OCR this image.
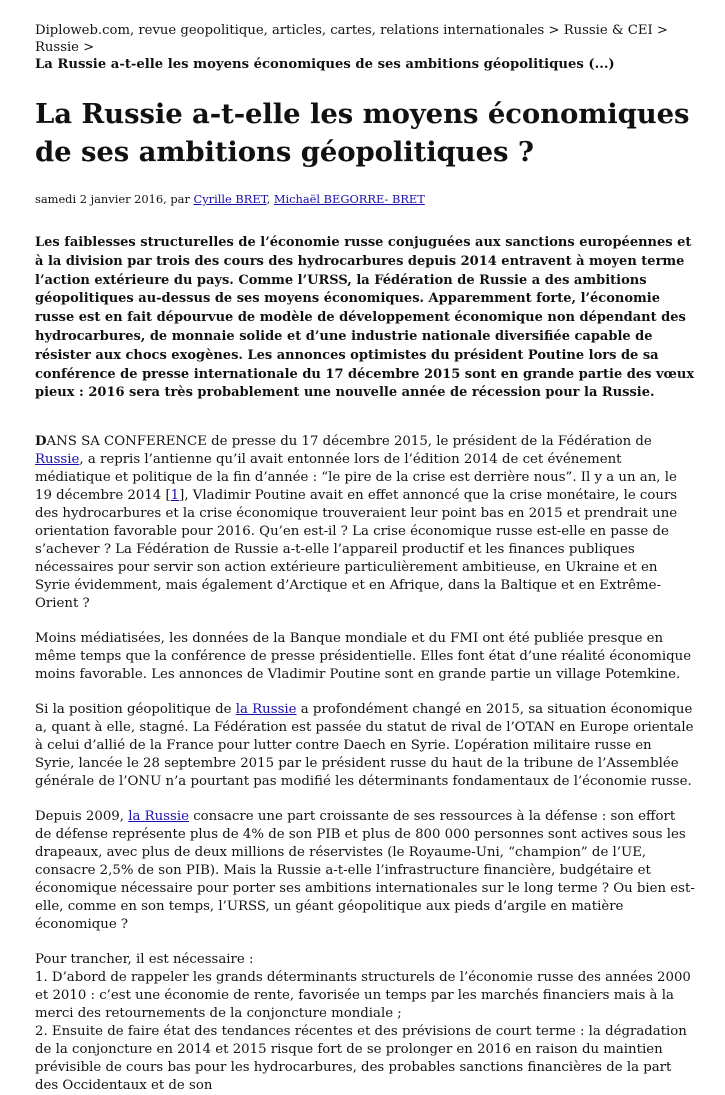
Diploweb.com, revue geopolitique, articles, cartes, relations internationales > Russie & CEI > Russie >
La Russie a-t-elle les moyens économiques de ses ambitions géopolitiques (...)
La Russie a-t-elle les moyens économiques de ses ambitions géopolitiques ?
samedi 2 janvier 2016, par Cyrille BRET, Michaël BEGORRE- BRET
Les faiblesses structurelles de l’économie russe conjuguées aux sanctions européennes et à la division par trois des cours des hydrocarbures depuis 2014 entravent à moyen terme l’action extérieure du pays. Comme l’URSS, la Fédération de Russie a des ambitions géopolitiques au-dessus de ses moyens économiques. Apparemment forte, l’économie russe est en fait dépourvue de modèle de développement économique non dépendant des hydrocarbures, de monnaie solide et d’une industrie nationale diversifiée capable de résister aux chocs exogènes. Les annonces optimistes du président Poutine lors de sa conférence de presse internationale du 17 décembre 2015 sont en grande partie des vœux pieux : 2016 sera très probablement une nouvelle année de récession pour la Russie.

DANS SA CONFERENCE de presse du 17 décembre 2015, le président de la Fédération de Russie, a repris l’antienne qu’il avait entonnée lors de l’édition 2014 de cet événement médiatique et politique de la fin d’année : “le pire de la crise est derrière nous”. Il y a un an, le 19 décembre 2014 [1], Vladimir Poutine avait en effet annoncé que la crise monétaire, le cours des hydrocarbures et la crise économique trouveraient leur point bas en 2015 et prendrait une orientation favorable pour 2016. Qu’en est-il ? La crise économique russe est-elle en passe de s’achever ? La Fédération de Russie a-t-elle l’appareil productif et les finances publiques nécessaires pour servir son action extérieure particulièrement ambitieuse, en Ukraine et en Syrie évidemment, mais également d’Arctique et en Afrique, dans la Baltique et en Extrême-Orient ?

Moins médiatisées, les données de la Banque mondiale et du FMI ont été publiée presque en même temps que la conférence de presse présidentielle. Elles font état d’une réalité économique moins favorable. Les annonces de Vladimir Poutine sont en grande partie un village Potemkine.

Si la position géopolitique de la Russie a profondément changé en 2015, sa situation économique a, quant à elle, stagné. La Fédération est passée du statut de rival de l’OTAN en Europe orientale à celui d’allié de la France pour lutter contre Daech en Syrie. L’opération militaire russe en Syrie, lancée le 28 septembre 2015 par le président russe du haut de la tribune de l’Assemblée générale de l’ONU n’a pourtant pas modifié les déterminants fondamentaux de l’économie russe.

Depuis 2009, la Russie consacre une part croissante de ses ressources à la défense : son effort de défense représente plus de 4% de son PIB et plus de 800 000 personnes sont actives sous les drapeaux, avec plus de deux millions de réservistes (le Royaume-Uni, “champion” de l’UE, consacre 2,5% de son PIB). Mais la Russie a-t-elle l’infrastructure financière, budgétaire et économique nécessaire pour porter ses ambitions internationales sur le long terme ? Ou bien est-elle, comme en son temps, l’URSS, un géant géopolitique aux pieds d’argile en matière économique ?

Pour trancher, il est nécessaire :
1. D’abord de rappeler les grands déterminants structurels de l’économie russe des années 2000 et 2010 : c’est une économie de rente, favorisée un temps par les marchés financiers mais à la merci des retournements de la conjoncture mondiale ;
2. Ensuite de faire état des tendances récentes et des prévisions de court terme : la dégradation de la conjoncture en 2014 et 2015 risque fort de se prolonger en 2016 en raison du maintien prévisible de cours bas pour les hydrocarbures, des probables sanctions financières de la part des Occidentaux et de son
